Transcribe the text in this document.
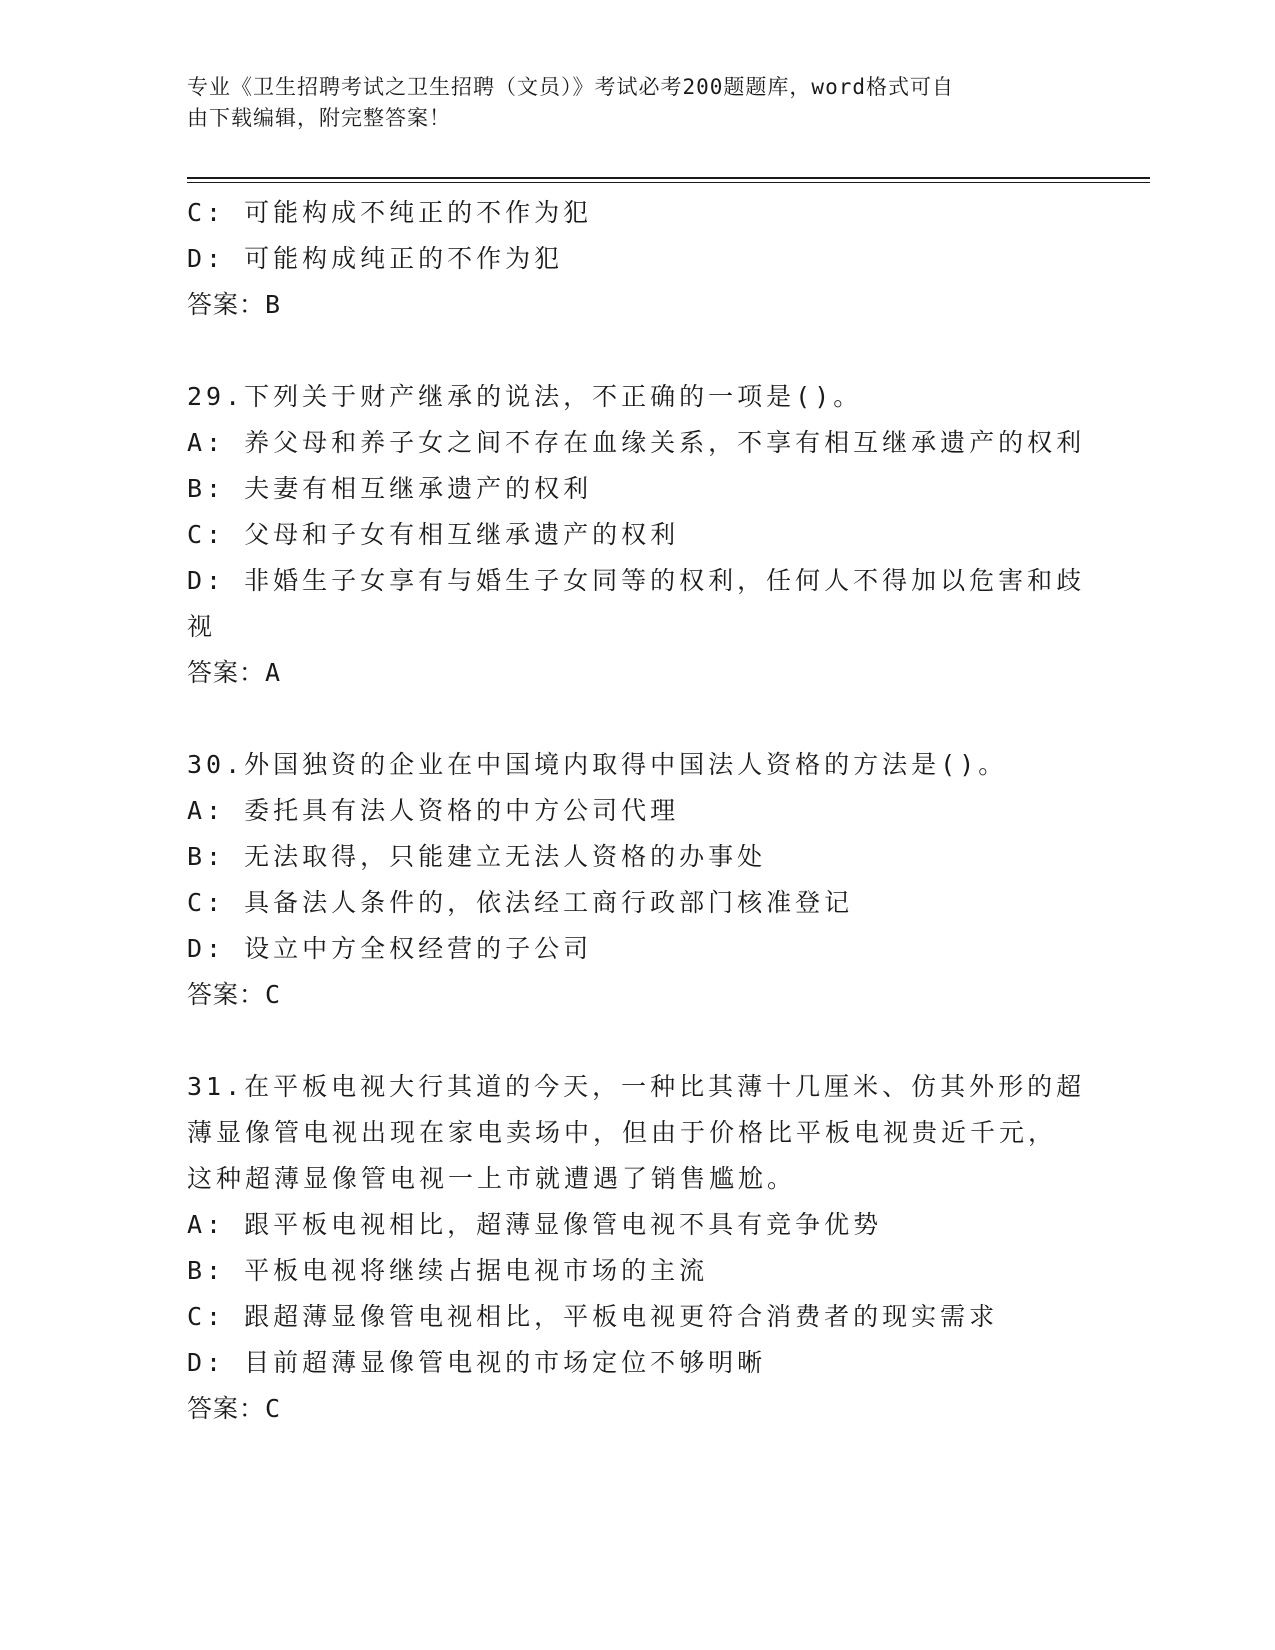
专业《卫生招聘考试之卫生招聘（文员）》考试必考200题题库，word格式可自

由下载编辑，附完整答案！

C: 可能构成不纯正的不作为犯

D: 可能构成纯正的不作为犯

答案：B

29.下列关于财产继承的说法，不正确的一项是()。

A: 养父母和养子女之间不存在血缘关系，不享有相互继承遗产的权利

B: 夫妻有相互继承遗产的权利

C: 父母和子女有相互继承遗产的权利

D: 非婚生子女享有与婚生子女同等的权利，任何人不得加以危害和歧

视

答案：A

30.外国独资的企业在中国境内取得中国法人资格的方法是()。

A: 委托具有法人资格的中方公司代理

B: 无法取得，只能建立无法人资格的办事处

C: 具备法人条件的，依法经工商行政部门核准登记

D: 设立中方全权经营的子公司

答案：C

31.在平板电视大行其道的今天，一种比其薄十几厘米、仿其外形的超

薄显像管电视出现在家电卖场中，但由于价格比平板电视贵近千元，

这种超薄显像管电视一上市就遭遇了销售尴尬。

A: 跟平板电视相比，超薄显像管电视不具有竞争优势

B: 平板电视将继续占据电视市场的主流

C: 跟超薄显像管电视相比，平板电视更符合消费者的现实需求

D: 目前超薄显像管电视的市场定位不够明晰

答案：C
